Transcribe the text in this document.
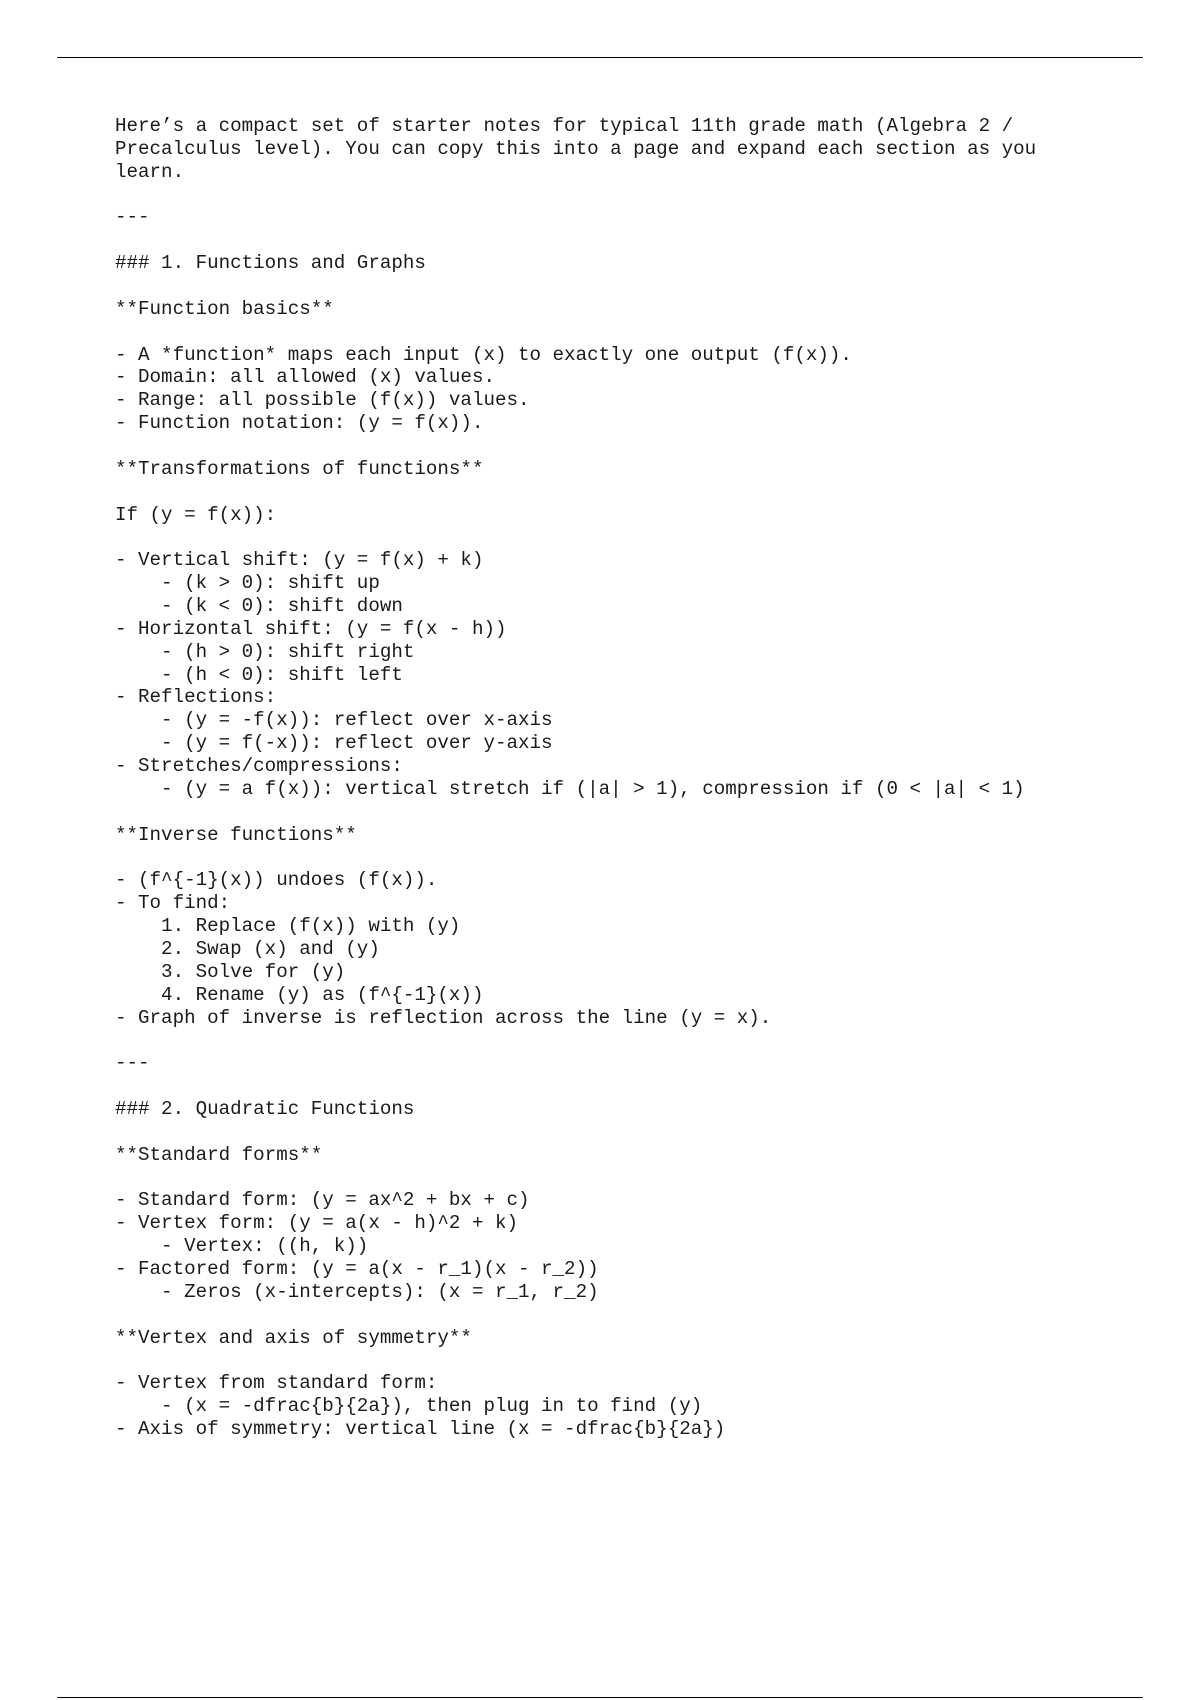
Here’s a compact set of starter notes for typical 11th grade math (Algebra 2 /
Precalculus level). You can copy this into a page and expand each section as you
learn.
---
### 1. Functions and Graphs
**Function basics**
- A *function* maps each input (x) to exactly one output (f(x)).
- Domain: all allowed (x) values.
- Range: all possible (f(x)) values.
- Function notation: (y = f(x)).
**Transformations of functions**
If (y = f(x)):
- Vertical shift: (y = f(x) + k)
- (k > 0): shift up
- (k < 0): shift down
- Horizontal shift: (y = f(x - h))
- (h > 0): shift right
- (h < 0): shift left
- Reflections:
- (y = -f(x)): reflect over x-axis
- (y = f(-x)): reflect over y-axis
- Stretches/compressions:
- (y = a f(x)): vertical stretch if (|a| > 1), compression if (0 < |a| < 1)
**Inverse functions**
- (f^{-1}(x)) undoes (f(x)).
- To find:
1. Replace (f(x)) with (y)
2. Swap (x) and (y)
3. Solve for (y)
4. Rename (y) as (f^{-1}(x))
- Graph of inverse is reflection across the line (y = x).
---
### 2. Quadratic Functions
**Standard forms**
- Standard form: (y = ax^2 + bx + c)
- Vertex form: (y = a(x - h)^2 + k)
- Vertex: ((h, k))
- Factored form: (y = a(x - r_1)(x - r_2))
- Zeros (x-intercepts): (x = r_1, r_2)
**Vertex and axis of symmetry**
- Vertex from standard form:
- (x = -dfrac{b}{2a}), then plug in to find (y)
- Axis of symmetry: vertical line (x = -dfrac{b}{2a})
